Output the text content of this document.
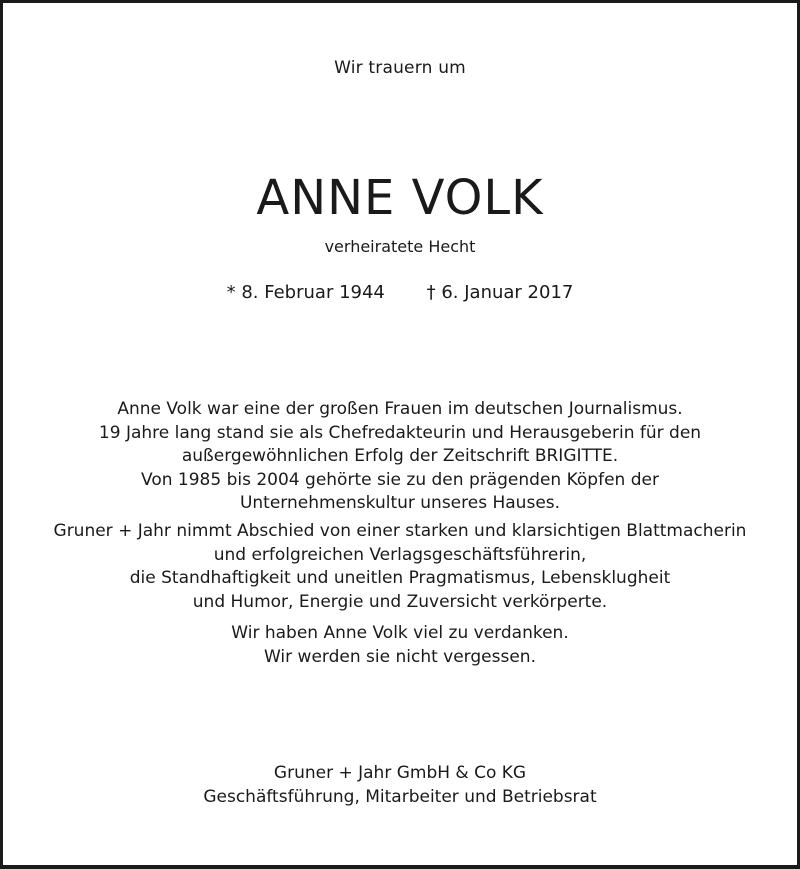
Wir trauern um
ANNE VOLK
verheiratete Hecht
* 8. Februar 1944 † 6. Januar 2017
Anne Volk war eine der großen Frauen im deutschen Journalismus.
19 Jahre lang stand sie als Chefredakteurin und Herausgeberin für den
außergewöhnlichen Erfolg der Zeitschrift BRIGITTE.
Von 1985 bis 2004 gehörte sie zu den prägenden Köpfen der
Unternehmenskultur unseres Hauses.
Gruner + Jahr nimmt Abschied von einer starken und klarsichtigen Blattmacherin
und erfolgreichen Verlagsgeschäftsführerin,
die Standhaftigkeit und uneitlen Pragmatismus, Lebensklugheit
und Humor, Energie und Zuversicht verkörperte.
Wir haben Anne Volk viel zu verdanken.
Wir werden sie nicht vergessen.
Gruner + Jahr GmbH & Co KG
Geschäftsführung, Mitarbeiter und Betriebsrat
